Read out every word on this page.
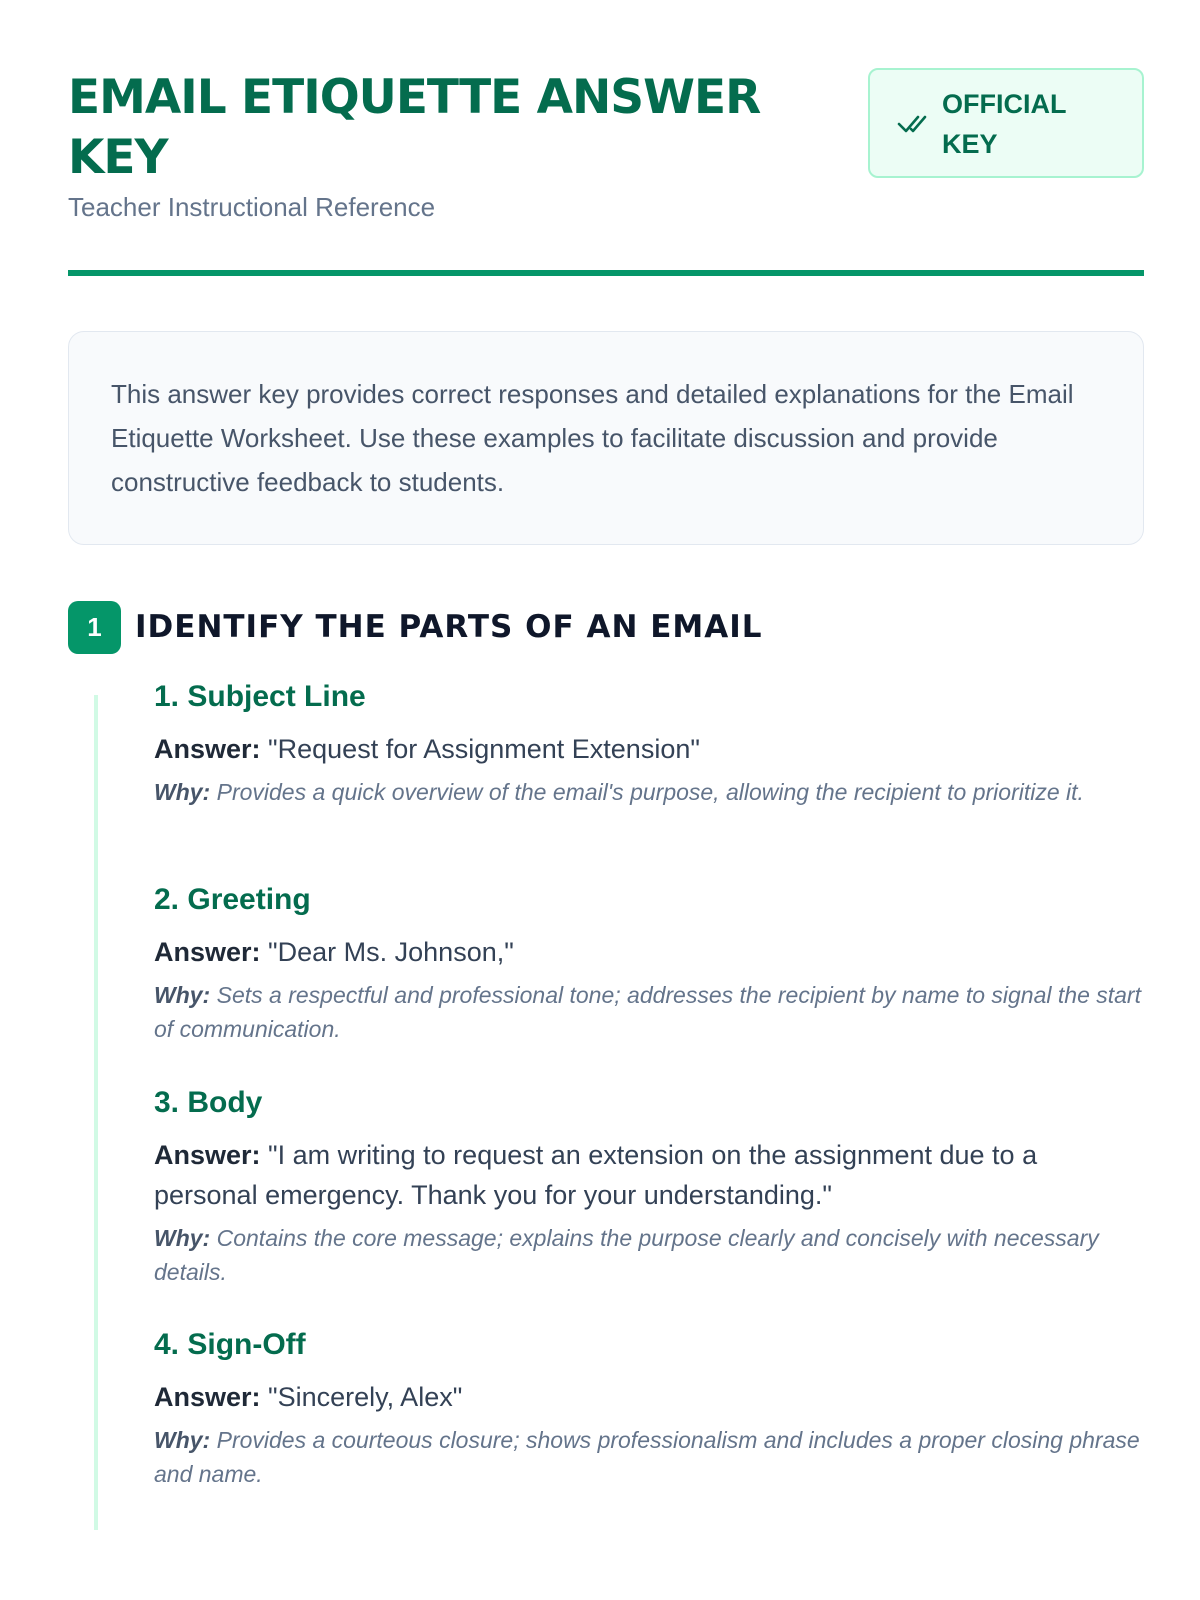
EMAIL ETIQUETTE ANSWER KEY
Teacher Instructional Reference
OFFICIAL KEY
This answer key provides correct responses and detailed explanations for the Email Etiquette Worksheet. Use these examples to facilitate discussion and provide constructive feedback to students.
1	IDENTIFY THE PARTS OF AN EMAIL
1. Subject Line
Answer: "Request for Assignment Extension"
Why: Provides a quick overview of the email's purpose, allowing the recipient to prioritize it.
2. Greeting
Answer: "Dear Ms. Johnson,"
Why: Sets a respectful and professional tone; addresses the recipient by name to signal the start of communication.
3. Body
Answer: "I am writing to request an extension on the assignment due to a personal emergency. Thank you for your understanding."
Why: Contains the core message; explains the purpose clearly and concisely with necessary details.
4. Sign-Off
Answer: "Sincerely, Alex"
Why: Provides a courteous closure; shows professionalism and includes a proper closing phrase and name.
